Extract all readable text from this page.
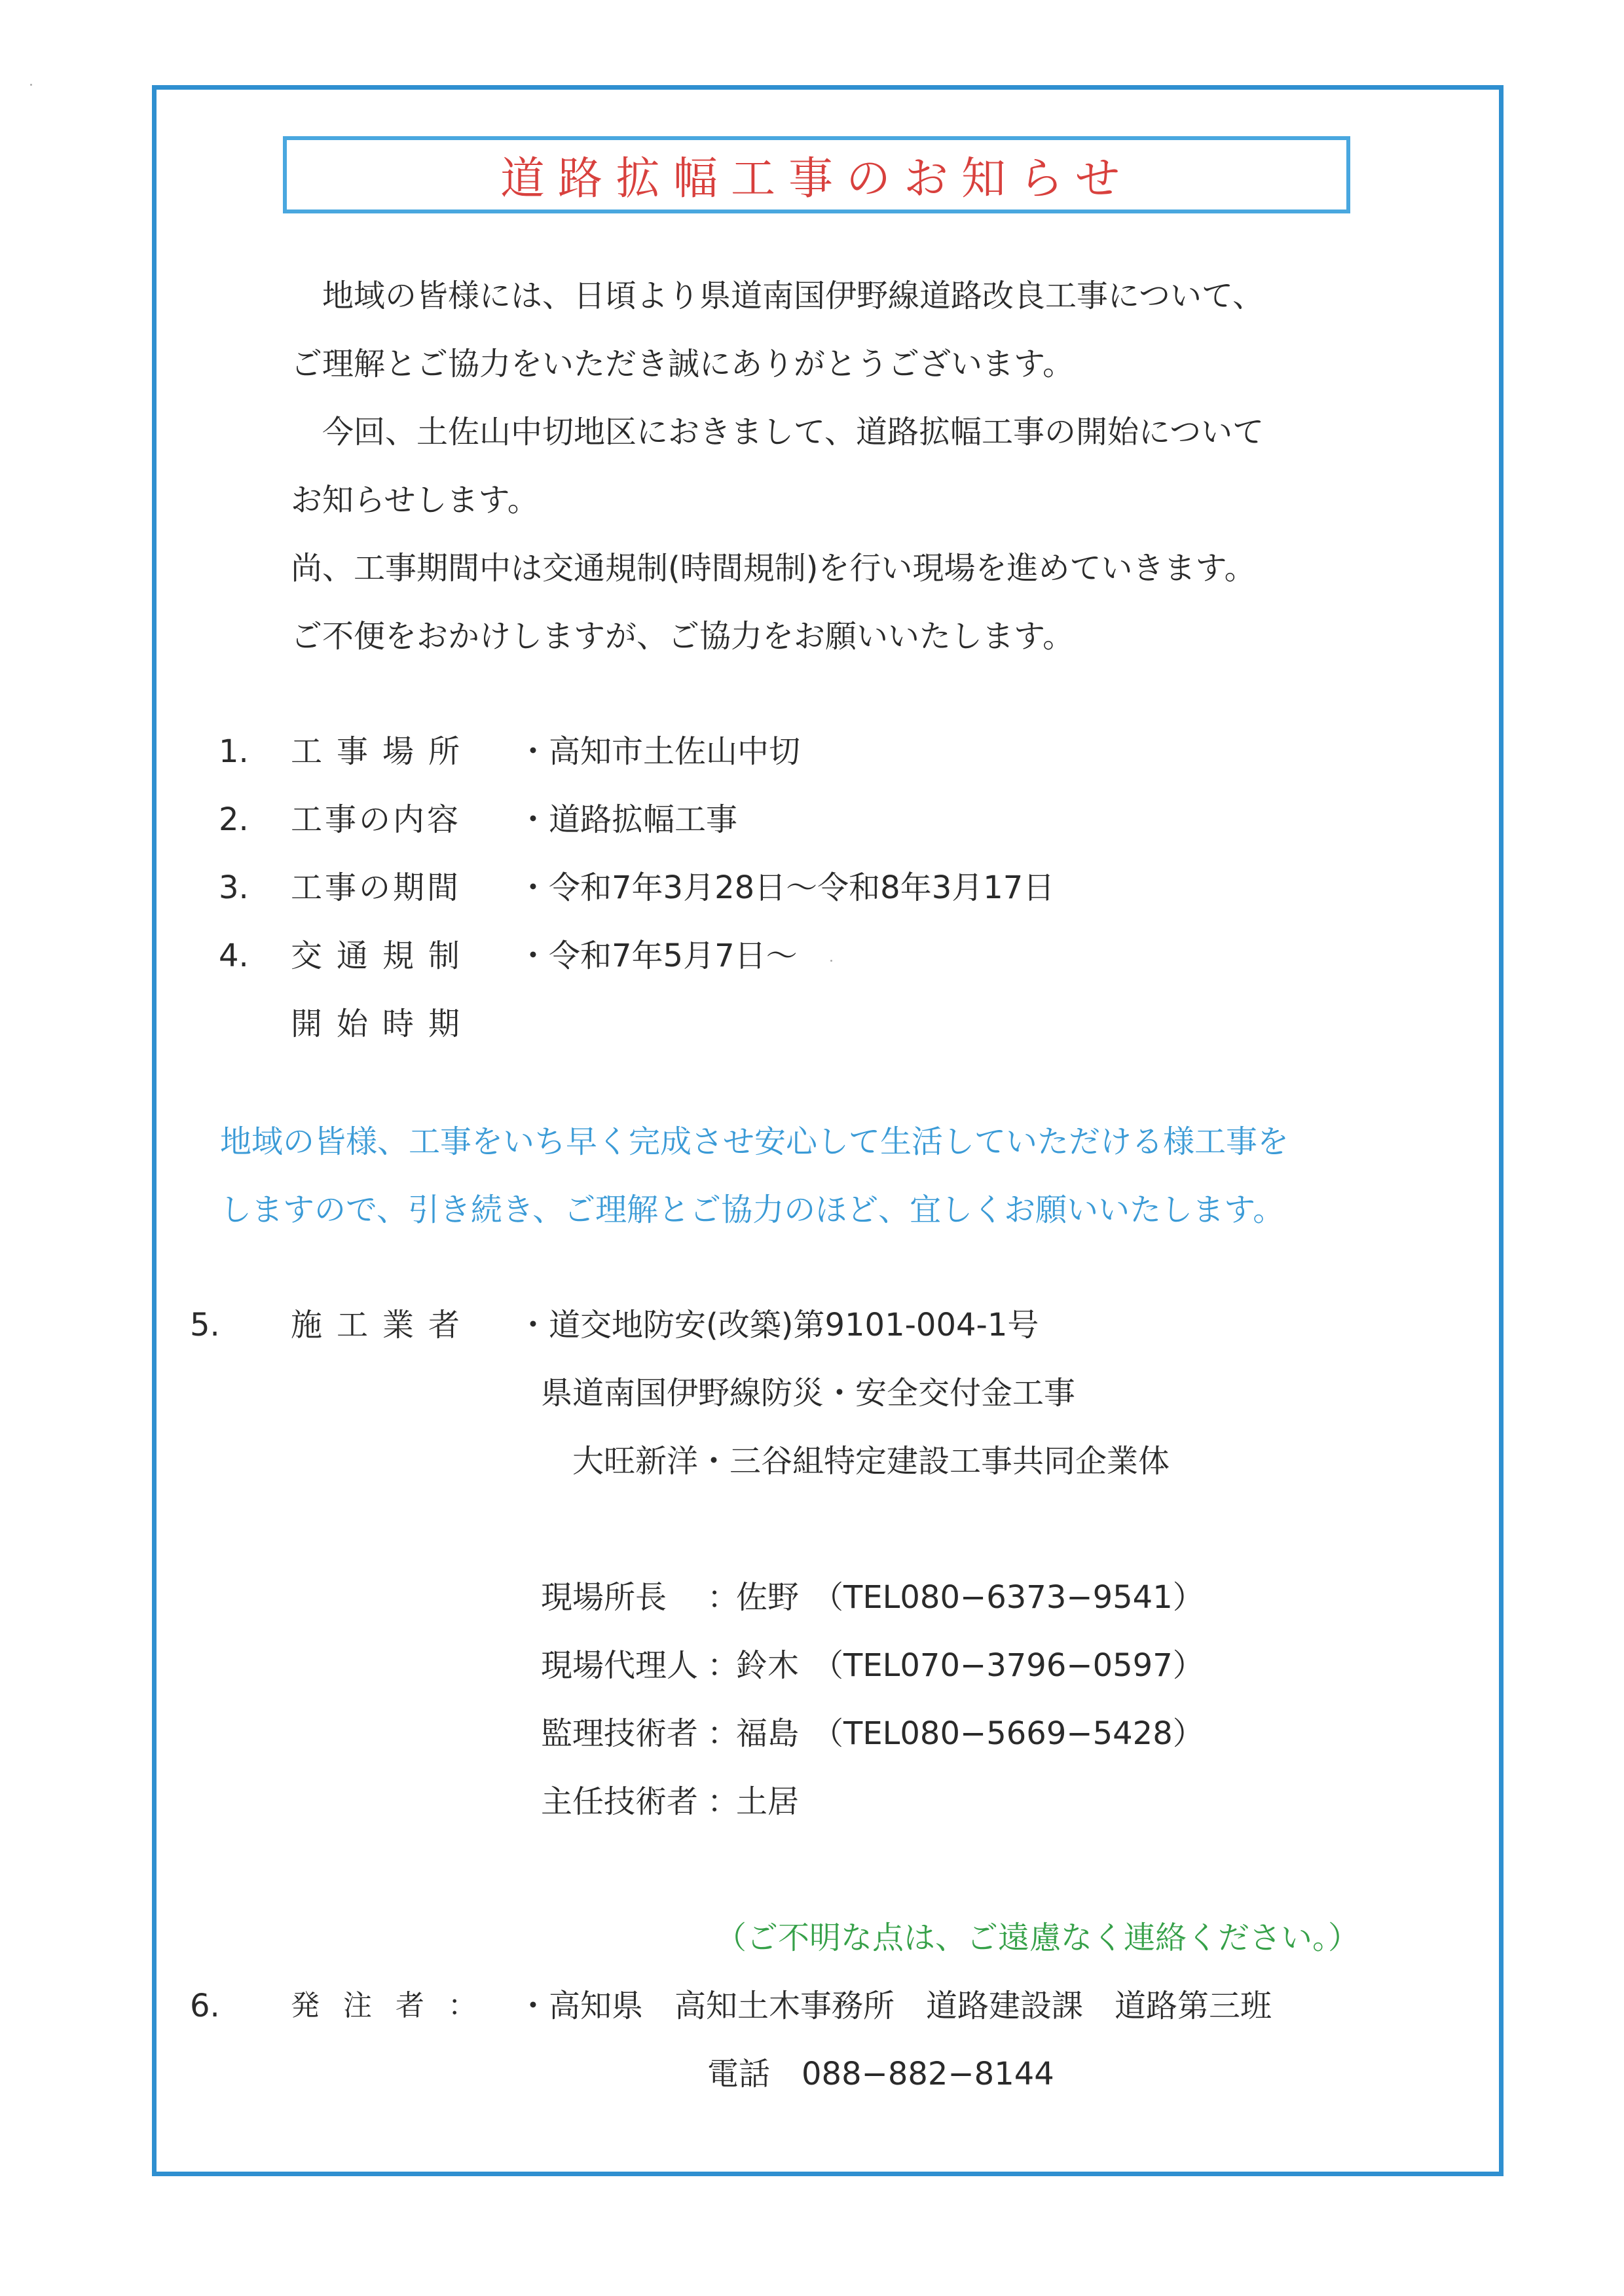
道路拡幅工事のお知らせ
地域の皆様には、日頃より県道南国伊野線道路改良工事について、
ご理解とご協力をいただき誠にありがとうございます。
今回、土佐山中切地区におきまして、道路拡幅工事の開始について
お知らせします。
尚、工事期間中は交通規制(時間規制)を行い現場を進めていきます。
ご不便をおかけしますが、ご協力をお願いいたします。
1. 工事場所 ・高知市土佐山中切
2. 工事の内容 ・道路拡幅工事
3. 工事の期間 ・令和7年3月28日～令和8年3月17日
4. 交通規制
開始時期
・令和7年5月7日～
地域の皆様、工事をいち早く完成させ安心して生活していただける様工事を
しますので、引き続き、ご理解とご協力のほど、宜しくお願いいたします。
5. 施工業者 ・道交地防安(改築)第9101-004-1号
県道南国伊野線防災・安全交付金工事
大旺新洋・三谷組特定建設工事共同企業体
現場所長 ：
佐野 （TEL080−6373−9541）
現場代理人 ：
鈴木 （TEL070−3796−0597）
監理技術者 ：
福島 （TEL080−5669−5428）
主任技術者 ：
土居
（ご不明な点は、ご遠慮なく連絡ください。）
6. 発注者： ・高知県　高知土木事務所　道路建設課　道路第三班
電話　088−882−8144
